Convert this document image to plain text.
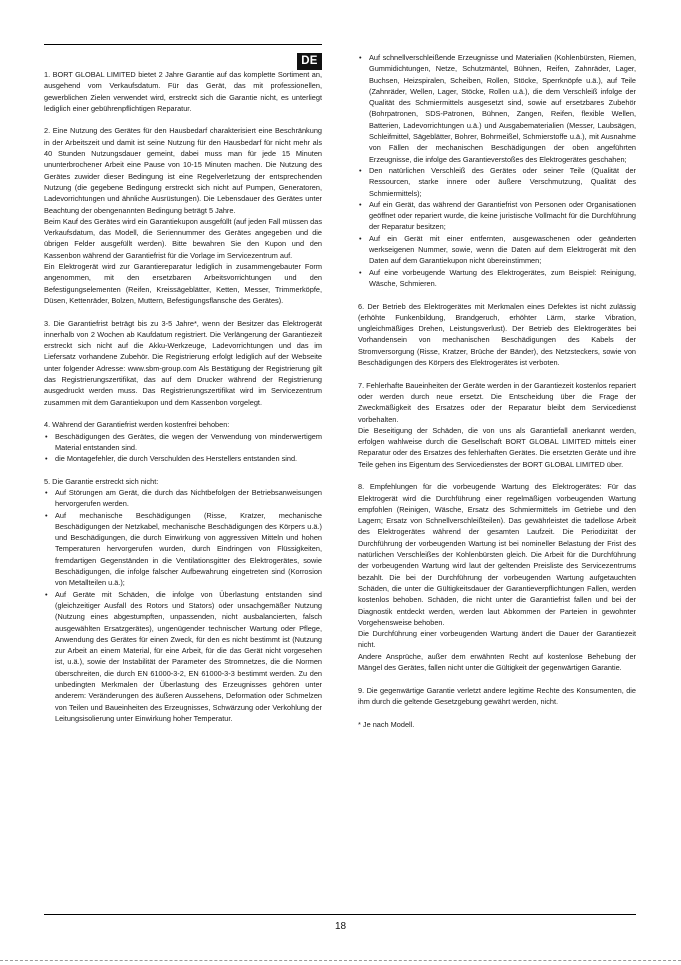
DE

1. BORT GLOBAL LIMITED bietet 2 Jahre Garantie auf das komplette Sortiment an, ausgehend vom Verkaufsdatum. Für das Gerät, das mit professionellen, gewerblichen Zielen verwendet wird, erstreckt sich die Garantie nicht, es unterliegt lediglich einer gebührenpflichtigen Reparatur.

2. Eine Nutzung des Gerätes für den Hausbedarf charakterisiert eine Beschränkung in der Arbeitszeit und damit ist seine Nutzung für den Hausbedarf für nicht mehr als 40 Stunden Nutzungsdauer gemeint, dabei muss man für jede 15 Minuten ununterbrochener Arbeit eine Pause von 10-15 Minuten machen. Die Nutzung des Gerätes zuwider dieser Bedingung ist eine Regelverletzung der entsprechenden Nutzung (die gegebene Bedingung erstreckt sich nicht auf Pumpen, Generatoren, Ladevorrichtungen und ähnliche Ausrüstungen). Die Lebensdauer des Gerätes unter Beachtung der obengenannten Bedingung beträgt 5 Jahre.

Beim Kauf des Gerätes wird ein Garantiekupon ausgefüllt (auf jeden Fall müssen das Verkaufsdatum, das Modell, die Seriennummer des Gerätes angegeben und die übrigen Felder ausgefüllt werden). Bitte bewahren Sie den Kupon und den Kassenbon während der Garantiefrist für die Vorlage im Servicezentrum auf.

Ein Elektrogerät wird zur Garantiereparatur lediglich in zusammengebauter Form angenommen, mit den ersetzbaren Arbeitsvorrichtungen und den Befestigungselementen (Reifen, Kreissägeblätter, Ketten, Messer, Trimmerköpfe, Düsen, Kettenräder, Bolzen, Muttern, Befestigungsflansche des Gerätes).

3. Die Garantiefrist beträgt bis zu 3-5 Jahre*, wenn der Besitzer das Elektrogerät innerhalb von 2 Wochen ab Kaufdatum registriert. Die Verlängerung der Garantiezeit erstreckt sich nicht auf die Akku-Werkzeuge, Ladevorrichtungen und das im Liefersatz vorhandene Zubehör. Die Registrierung erfolgt lediglich auf der Webseite unter folgender Adresse: www.sbm-group.com Als Bestätigung der Registrierung gilt das Registrierungszertifikat, das auf dem Drucker während der Registrierung ausgedruckt werden muss. Das Registrierungszertifikat wird im Servicezentrum zusammen mit dem Garantiekupon und dem Kassenbon vorgelegt.

4. Während der Garantiefrist werden kostenfrei behoben:

• Beschädigungen des Gerätes, die wegen der Verwendung von minderwertigem Material entstanden sind.
• die Montagefehler, die durch Verschulden des Herstellers entstanden sind.

5. Die Garantie erstreckt sich nicht:

• Auf Störungen am Gerät, die durch das Nichtbefolgen der Betriebsanweisungen hervorgerufen werden.
• Auf mechanische Beschädigungen (Risse, Kratzer, mechanische Beschädigungen der Netzkabel, mechanische Beschädigungen des Körpers u.ä.) und Beschädigungen, die durch Einwirkung von aggressiven Mitteln und hohen Temperaturen hervorgerufen wurden, durch Eindringen von Flüssigkeiten, fremdartigen Gegenständen in die Ventilationsgitter des Elektrogerätes, sowie Beschädigungen, die infolge falscher Aufbewahrung eingetreten sind (Korrosion von Metallteilen u.ä.);
• Auf Geräte mit Schäden, die infolge von Überlastung entstanden sind (gleichzeitiger Ausfall des Rotors und Stators) oder unsachgemäßer Nutzung (Nutzung eines abgestumpften, unpassenden, nicht ausbalancierten, falsch ausgewählten Ersatzgerätes), ungenügender technischer Wartung oder Pflege, Anwendung des Gerätes für einen Zweck, für den es nicht bestimmt ist (Nutzung zur Arbeit an einem Material, für eine Arbeit, für die das Gerät nicht vorgesehen ist, u.ä.), sowie der Instabilität der Parameter des Stromnetzes, die die Normen überschreiten, die durch EN 61000-3-2, EN 61000-3-3 bestimmt werden. Zu den unbedingten Merkmalen der Überlastung des Erzeugnisses gehören unter anderem: Veränderungen des äußeren Aussehens, Deformation oder Schmelzen von Teilen und Baueinheiten des Erzeugnisses, Schwärzung oder Verkohlung der Leitungsisolierung unter Einwirkung hoher Temperatur.
• Auf schnellverschleißende Erzeugnisse und Materialien (Kohlenbürsten, Riemen, Gummidichtungen, Netze, Schutzmäntel, Bühnen, Reifen, Zahnräder, Lager, Buchsen, Heizspiralen, Scheiben, Rollen, Stöcke, Sperrknöpfe u.ä.), auf Teile (Zahnräder, Wellen, Lager, Stöcke, Rollen u.ä.), die dem Verschleiß infolge der Qualität des Schmiermittels ausgesetzt sind, sowie auf ersetzbares Zubehör (Bohrpatronen, SDS-Patronen, Bühnen, Zangen, Reifen, flexible Wellen, Batterien, Ladevorrichtungen u.ä.) und Ausgabematerialien (Messer, Laubsägen, Schleifmittel, Sägeblätter, Bohrer, Bohrmeißel, Schmierstoffe u.ä.), mit Ausnahme von Fällen der mechanischen Beschädigungen der oben angeführten Erzeugnisse, die infolge des Garantieverstoßes des Elektrogerätes geschahen;
• Den natürlichen Verschleiß des Gerätes oder seiner Teile (Qualität der Ressourcen, starke innere oder äußere Verschmutzung, Qualität des Schmiermittels);
• Auf ein Gerät, das während der Garantiefrist von Personen oder Organisationen geöffnet oder repariert wurde, die keine juristische Vollmacht für die Durchführung der Reparatur besitzen;
• Auf ein Gerät mit einer entfernten, ausgewaschenen oder geänderten werkseigenen Nummer, sowie, wenn die Daten auf dem Elektrogerät mit den Daten auf dem Garantiekupon nicht übereinstimmen;
• Auf eine vorbeugende Wartung des Elektrogerätes, zum Beispiel: Reinigung, Wäsche, Schmieren.

6. Der Betrieb des Elektrogerätes mit Merkmalen eines Defektes ist nicht zulässig (erhöhte Funkenbildung, Brandgeruch, erhöhter Lärm, starke Vibration, ungleichmäßiges Drehen, Leistungsverlust). Der Betrieb des Elektrogerätes bei Vorhandensein von mechanischen Beschädigungen des Kabels der Stromversorgung (Risse, Kratzer, Brüche der Bänder), des Netzsteckers, sowie von Beschädigungen des Körpers des Elektrogerätes ist verboten.

7. Fehlerhafte Baueinheiten der Geräte werden in der Garantiezeit kostenlos repariert oder werden durch neue ersetzt. Die Entscheidung über die Frage der Zweckmäßigkeit des Ersatzes oder der Reparatur bleibt dem Servicedienst vorbehalten.

Die Beseitigung der Schäden, die von uns als Garantiefall anerkannt werden, erfolgen wahlweise durch die Gesellschaft BORT GLOBAL LIMITED mittels einer Reparatur oder des Ersatzes des fehlerhaften Gerätes. Die ersetzten Geräte und ihre Teile gehen ins Eigentum des Servicedienstes der BORT GLOBAL LIMITED über.

8. Empfehlungen für die vorbeugende Wartung des Elektrogerätes: Für das Elektrogerät wird die Durchführung einer regelmäßigen vorbeugenden Wartung empfohlen (Reinigen, Wäsche, Ersatz des Schmiermittels im Getriebe und den Lagern; Ersatz von Schnellverschleißteilen). Das gewährleistet die tadellose Arbeit des Elektrogerätes während der gesamten Laufzeit. Die Periodizität der Durchführung der vorbeugenden Wartung ist bei nomineller Belastung der Frist des natürlichen Verschleißes der Kohlenbürsten gleich. Die Arbeit für die Durchführung der vorbeugenden Wartung wird laut der geltenden Preisliste des Servicezentrums bezahlt. Die bei der Durchführung der vorbeugenden Wartung aufgetauchten Schäden, die unter die Gültigkeitsdauer der Garantieverpflichtungen Fallen, werden kostenlos behoben. Schäden, die nicht unter die Garantiefrist fallen und bei der Diagnostik entdeckt werden, werden laut Abkommen der Parteien in gewohnter Vorgehensweise behoben.

Die Durchführung einer vorbeugenden Wartung ändert die Dauer der Garantiezeit nicht.

Andere Ansprüche, außer dem erwähnten Recht auf kostenlose Behebung der Mängel des Gerätes, fallen nicht unter die Gültigkeit der gegenwärtigen Garantie.

9. Die gegenwärtige Garantie verletzt andere legitime Rechte des Konsumenten, die ihm durch die geltende Gesetzgebung gewährt werden, nicht.

* Je nach Modell.

18
